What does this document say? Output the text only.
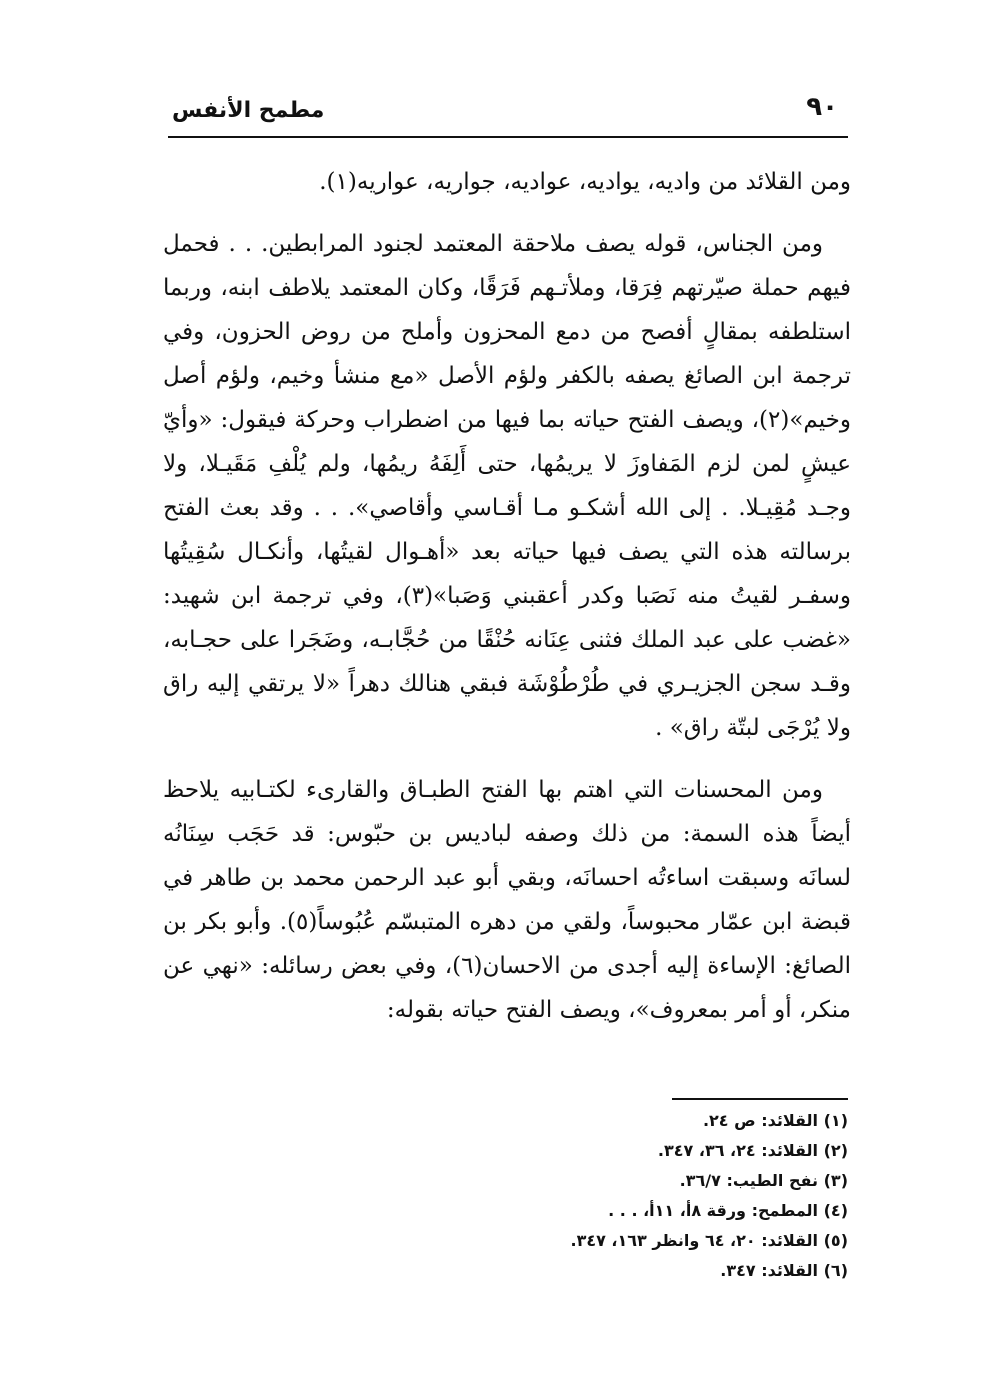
٩٠
مطمح الأنفس

ومن القلائد من واديه، يواديه، عواديه، جواريه، عواريه(١).

ومن الجناس، قوله يصف ملاحقة المعتمد لجنود المرابطين. . . فحمل فيهم حملة صيّرتهم فِرَقا، وملأتـهم فَرَقًا، وكان المعتمد يلاطف ابنه، وربما استلطفه بمقالٍ أفصح من دمع المحزون وأملح من روض الحزون، وفي ترجمة ابن الصائغ يصفه بالكفر ولؤم الأصل «مع منشأ وخيم، ولؤم أصل وخيم»(٢)، ويصف الفتح حياته بما فيها من اضطراب وحركة فيقول: «وأيّ عيشٍ لمن لزم المَفاوزَ لا يريمُها، حتى أَلِفَهُ ريمُها، ولم يُلْفِ مَقَيـلا، ولا وجـد مُقِيـلا. . إلى الله أشكـو مـا أقـاسي وأقاصي». . . وقد بعث الفتح برسالته هذه التي يصف فيها حياته بعد «أهـوال لقيتُها، وأنكـال سُقِيتُها وسفـر لقيتُ منه نَصَبا وكدر أعقبني وَصَبا»(٣)، وفي ترجمة ابن شهيد: «غضب على عبد الملك فثنى عِنَانه حُنْقًا من حُجَّابـه، وضَجَرا على حجـابه، وقـد سجن الجزيـري في طُرْطُوْشَة فبقي هنالك دهراً «لا يرتقي إليه راق ولا يُرْجَى لبتّة راق» .

ومن المحسنات التي اهتم بها الفتح الطبـاق والقارىء لكتـابيه يلاحظ أيضاً هذه السمة: من ذلك وصفه لباديس بن حبّوس: قد حَجَب سِنَانُه لسانَه وسبقت اساءتُه احسانَه، وبقي أبو عبد الرحمن محمد بن طاهر في قبضة ابن عمّار محبوساً، ولقي من دهره المتبسّم عُبُوساً(٥). وأبو بكر بن الصائغ: الإساءة إليه أجدى من الاحسان(٦)، وفي بعض رسائله: «نهي عن منكر، أو أمر بمعروف»، ويصف الفتح حياته بقوله:

(١) القلائد: ص ٢٤.
(٢) القلائد: ٢٤، ٣٦، ٣٤٧.
(٣) نفح الطيب: ٣٦/٧.
(٤) المطمح: ورقة ٨أ، ١١أ، . . .
(٥) القلائد: ٢٠، ٦٤ وانظر ١٦٣، ٣٤٧.
(٦) القلائد: ٣٤٧.
